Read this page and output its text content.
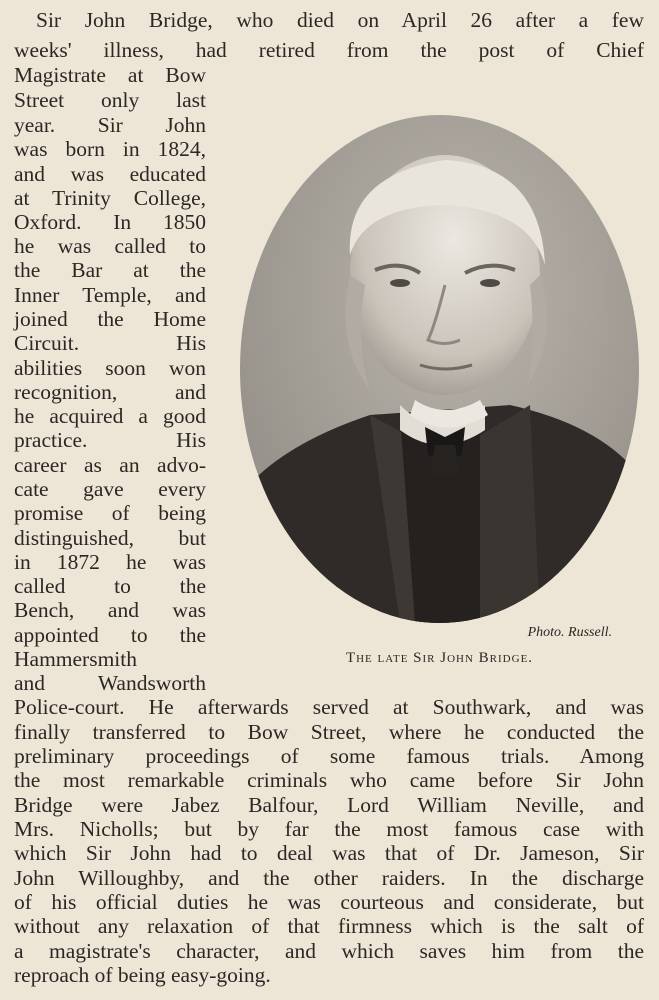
Sir John Bridge, who died on April 26 after a few
weeks' illness, had retired from the post of Chief
Magistrate at Bow
Street only last
year. Sir John
was born in 1824,
and was educated
at Trinity College,
Oxford. In 1850
he was called to
the Bar at the
Inner Temple, and
joined the Home
Circuit. His
abilities soon won
recognition, and
he acquired a good
practice. His
career as an advo-
cate gave every
promise of being
distinguished, but
in 1872 he was
called to the
Bench, and was
appointed to the
Hammersmith
and Wandsworth
Police-court. He afterwards served at Southwark, and was
finally transferred to Bow Street, where he conducted the
preliminary proceedings of some famous trials. Among
the most remarkable criminals who came before Sir John
Bridge were Jabez Balfour, Lord William Neville, and
Mrs. Nicholls; but by far the most famous case with
which Sir John had to deal was that of Dr. Jameson, Sir
John Willoughby, and the other raiders. In the discharge
of his official duties he was courteous and considerate, but
without any relaxation of that firmness which is the salt of
a magistrate's character, and which saves him from the
reproach of being easy-going.
Photo. Russell.
The late Sir John Bridge.
